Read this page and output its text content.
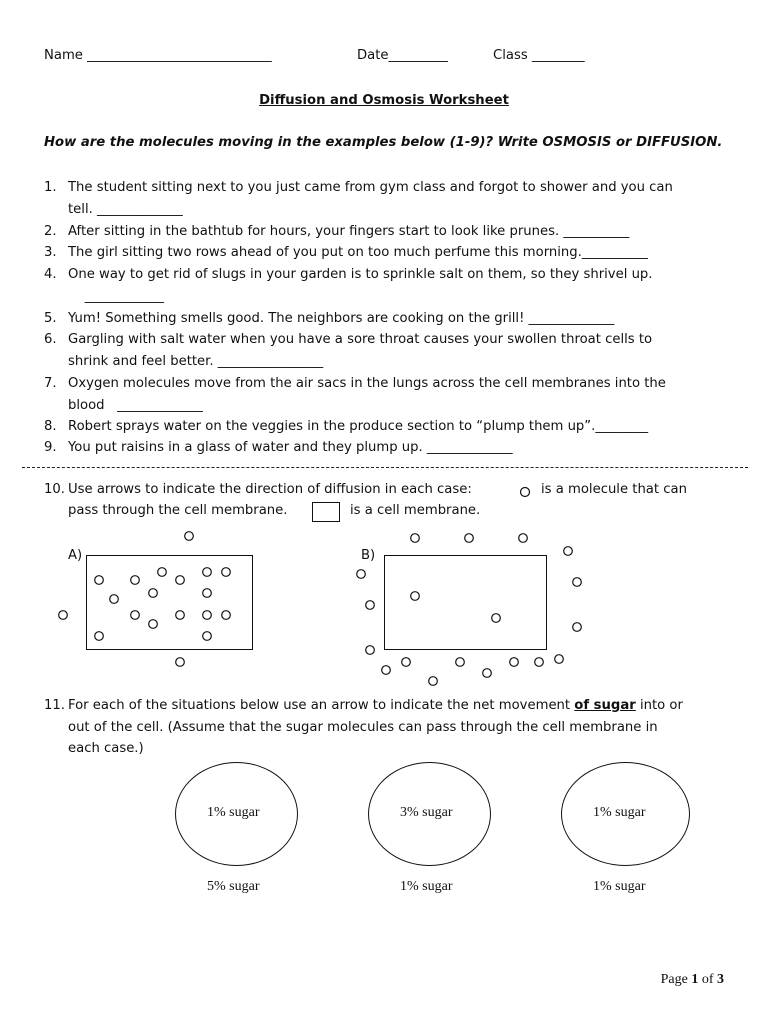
Name ____________________________	Date_________	Class ________
Diffusion and Osmosis Worksheet
How are the molecules moving in the examples below (1-9)? Write OSMOSIS or DIFFUSION.
1. The student sitting next to you just came from gym class and forgot to shower and you can
tell. _____________
2. After sitting in the bathtub for hours, your fingers start to look like prunes. __________
3. The girl sitting two rows ahead of you put on too much perfume this morning.__________
4. One way to get rid of slugs in your garden is to sprinkle salt on them, so they shrivel up.
____________
5. Yum! Something smells good. The neighbors are cooking on the grill! _____________
6. Gargling with salt water when you have a sore throat causes your swollen throat cells to
shrink and feel better. ________________
7. Oxygen molecules move from the air sacs in the lungs across the cell membranes into the
blood   _____________
8. Robert sprays water on the veggies in the produce section to “plump them up”.________
9. You put raisins in a glass of water and they plump up. _____________
10. Use arrows to indicate the direction of diffusion in each case:	is a molecule that can
pass through the cell membrane.	is a cell membrane.
A)	B)
11. For each of the situations below use an arrow to indicate the net movement of sugar into or
out of the cell. (Assume that the sugar molecules can pass through the cell membrane in
each case.)
1% sugar
5% sugar
3% sugar
1% sugar
1% sugar
1% sugar
Page 1 of 3
